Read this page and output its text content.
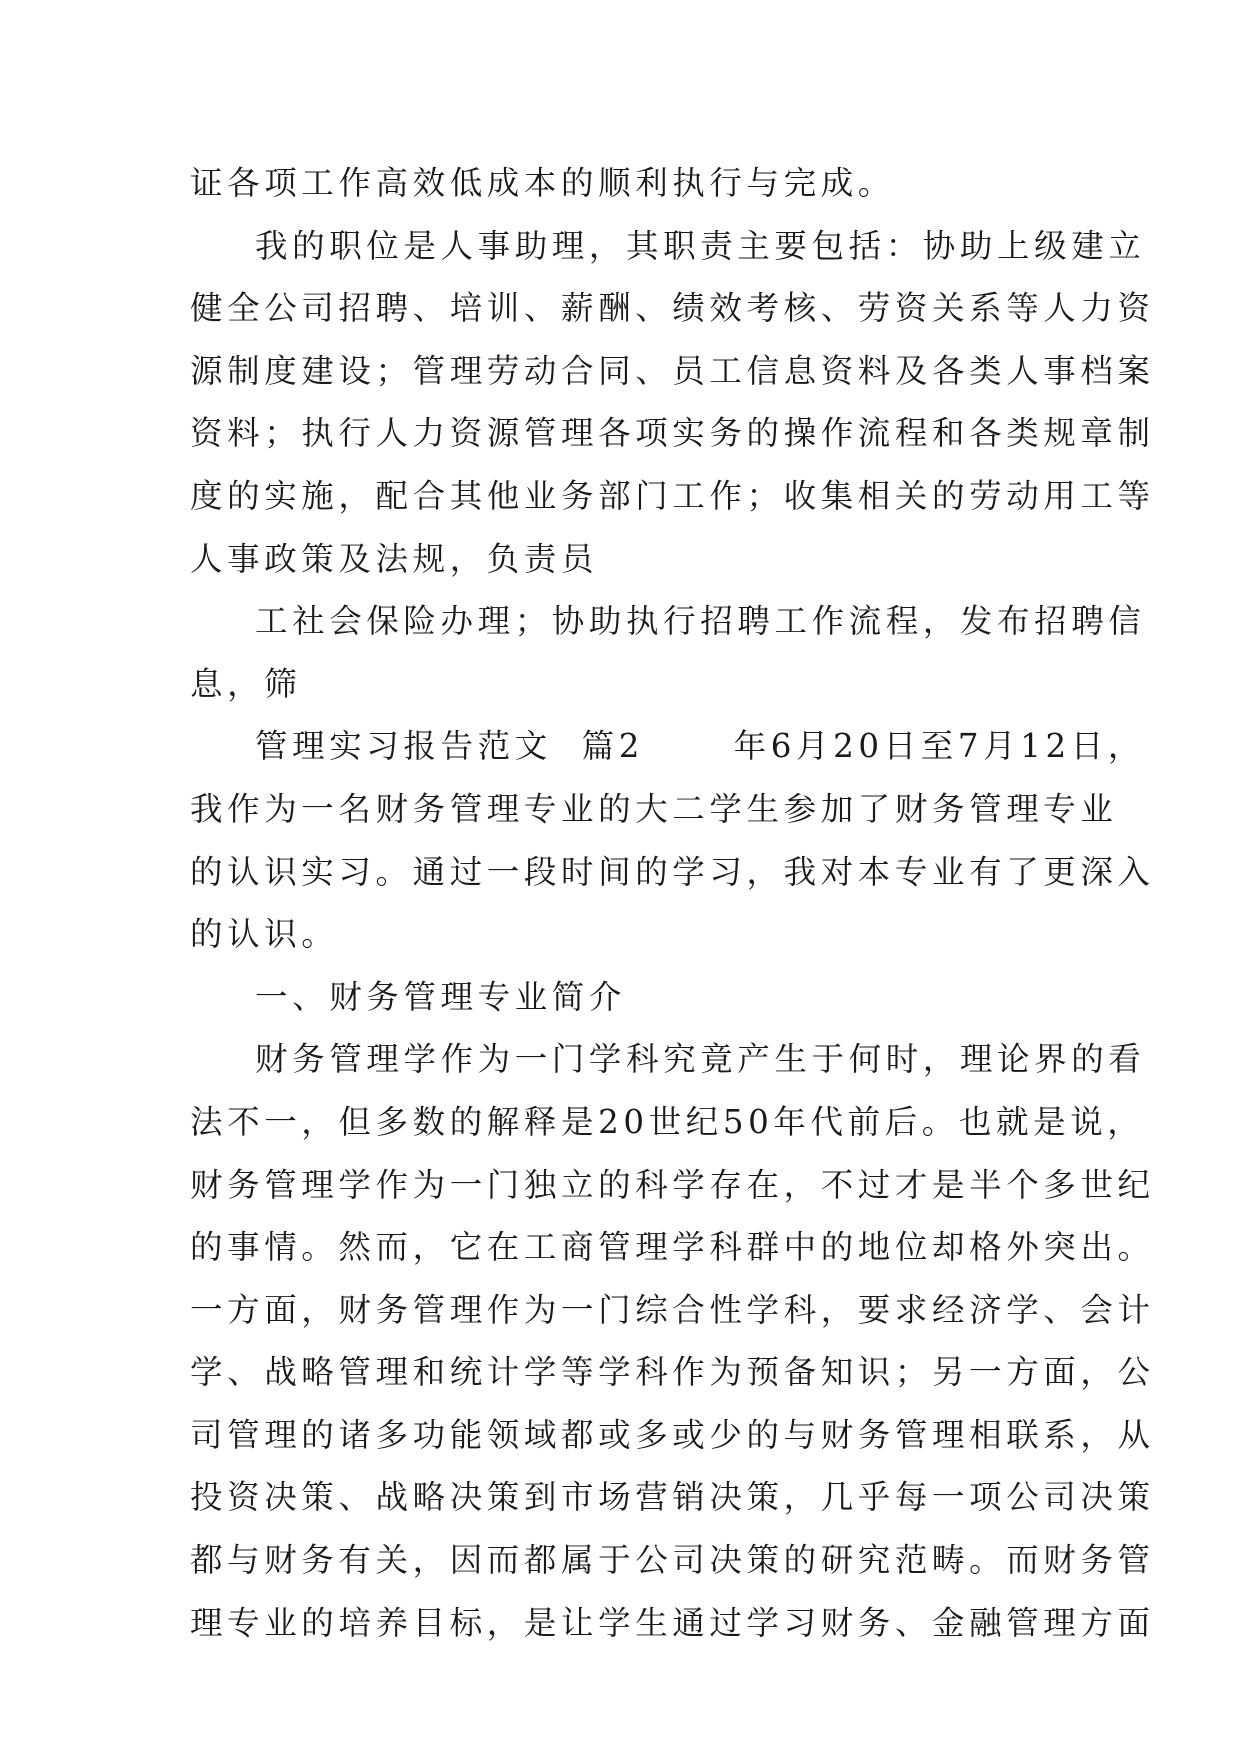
证各项工作高效低成本的顺利执行与完成。
我的职位是人事助理，其职责主要包括：协助上级建立
健全公司招聘、培训、薪酬、绩效考核、劳资关系等人力资
源制度建设；管理劳动合同、员工信息资料及各类人事档案
资料；执行人力资源管理各项实务的操作流程和各类规章制
度的实施，配合其他业务部门工作；收集相关的劳动用工等
人事政策及法规，负责员
工社会保险办理；协助执行招聘工作流程，发布招聘信
息，筛
管理实习报告范文  篇2      年6月20日至7月12日，
我作为一名财务管理专业的大二学生参加了财务管理专业
的认识实习。通过一段时间的学习，我对本专业有了更深入
的认识。
一、财务管理专业简介
财务管理学作为一门学科究竟产生于何时，理论界的看
法不一，但多数的解释是20世纪50年代前后。也就是说，
财务管理学作为一门独立的科学存在，不过才是半个多世纪
的事情。然而，它在工商管理学科群中的地位却格外突出。
一方面，财务管理作为一门综合性学科，要求经济学、会计
学、战略管理和统计学等学科作为预备知识；另一方面，公
司管理的诸多功能领域都或多或少的与财务管理相联系，从
投资决策、战略决策到市场营销决策，几乎每一项公司决策
都与财务有关，因而都属于公司决策的研究范畴。而财务管
理专业的培养目标，是让学生通过学习财务、金融管理方面
